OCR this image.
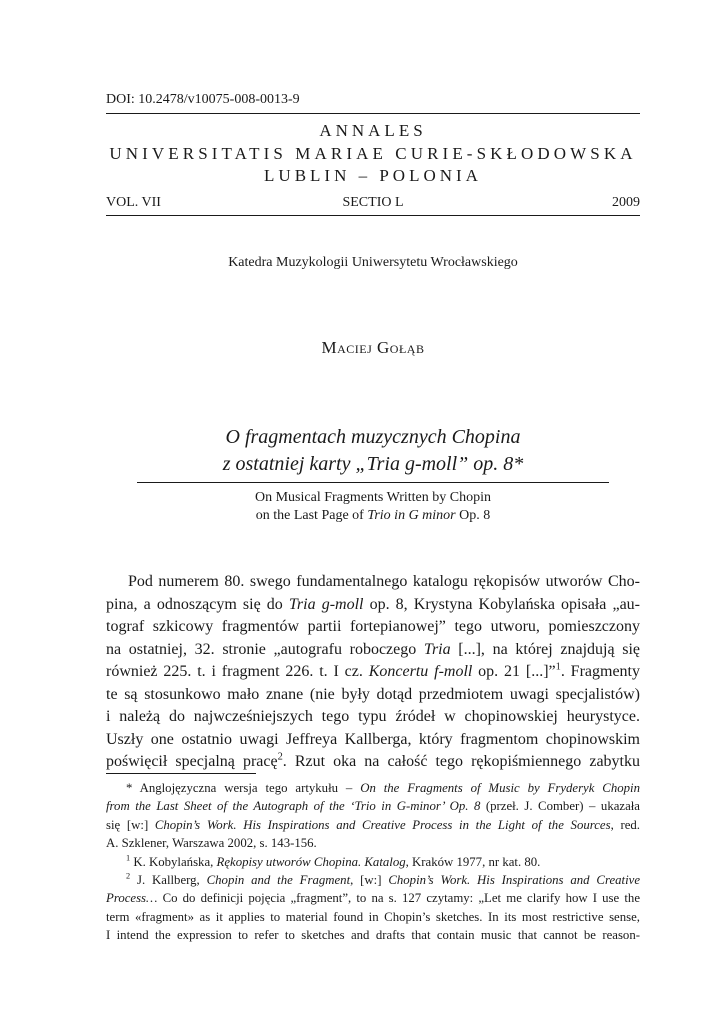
DOI: 10.2478/v10075-008-0013-9
ANNALES
UNIVERSITATIS MARIAE CURIE-SKŁODOWSKA
LUBLIN – POLONIA
VOL. VII	SECTIO L	2009
Katedra Muzykologii Uniwersytetu Wrocławskiego
Maciej Gołąb
O fragmentach muzycznych Chopina
z ostatniej karty „Tria g-moll” op. 8*
On Musical Fragments Written by Chopin
on the Last Page of Trio in G minor Op. 8
Pod numerem 80. swego fundamentalnego katalogu rękopisów utworów Cho-
pina, a odnoszącym się do Tria g-moll op. 8, Krystyna Kobylańska opisała „au-
tograf szkicowy fragmentów partii fortepianowej” tego utworu, pomieszczony
na ostatniej, 32. stronie „autografu roboczego Tria [...], na której znajdują się
również 225. t. i fragment 226. t. I cz. Koncertu f-moll op. 21 [...]”$^1$. Fragmenty
te są stosunkowo mało znane (nie były dotąd przedmiotem uwagi specjalistów)
i należą do najwcześniejszych tego typu źródeł w chopinowskiej heurystyce.
Uszły one ostatnio uwagi Jeffreya Kallberga, który fragmentom chopinowskim
poświęcił specjalną pracę$^2$. Rzut oka na całość tego rękopiśmiennego zabytku
* Anglojęzyczna wersja tego artykułu – On the Fragments of Music by Fryderyk Chopin
from the Last Sheet of the Autograph of the ‘Trio in G-minor’ Op. 8 (przeł. J. Comber) – ukazała
się [w:] Chopin’s Work. His Inspirations and Creative Process in the Light of the Sources, red.
A. Szklener, Warszawa 2002, s. 143-156.
$^1$ K. Kobylańska, Rękopisy utworów Chopina. Katalog, Kraków 1977, nr kat. 80.
$^2$ J. Kallberg, Chopin and the Fragment, [w:] Chopin’s Work. His Inspirations and Creative
Process… Co do definicji pojęcia „fragment”, to na s. 127 czytamy: „Let me clarify how I use the
term «fragment» as it applies to material found in Chopin’s sketches. In its most restrictive sense,
I intend the expression to refer to sketches and drafts that contain music that cannot be reason-
